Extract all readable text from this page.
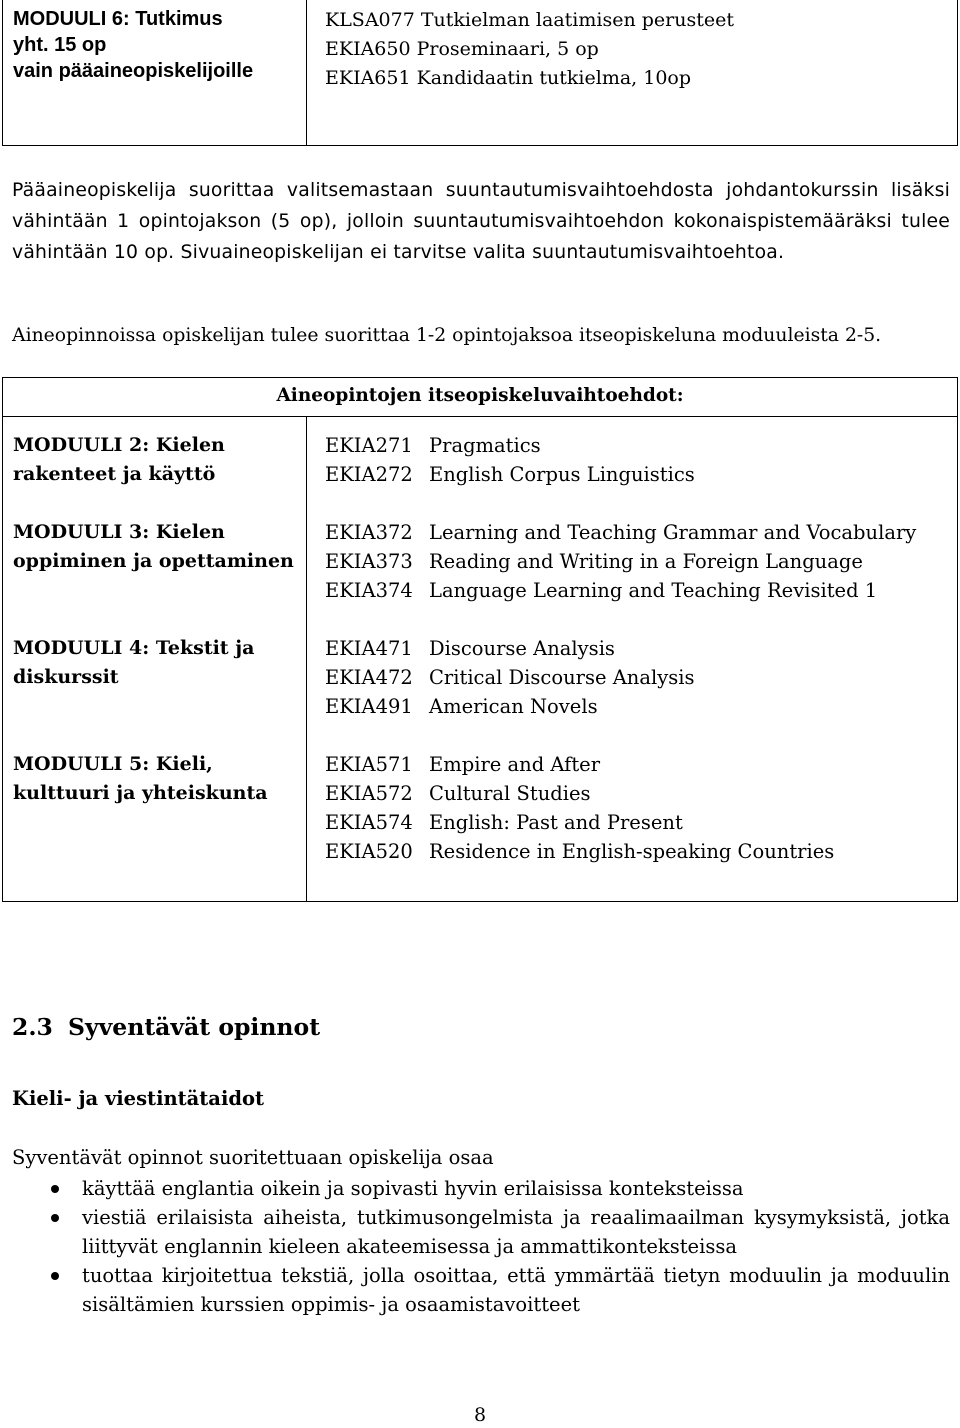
MODUULI 6: Tutkimus
yht. 15 op
vain pääaineopiskelijoille
KLSA077 Tutkielman laatimisen perusteet
EKIA650 Proseminaari, 5 op
EKIA651 Kandidaatin tutkielma, 10op
Pääaineopiskelija suorittaa valitsemastaan suuntautumisvaihtoehdosta johdantokurssin lisäksi vähintään 1 opintojakson (5 op), jolloin suuntautumisvaihtoehdon kokonaispistemääräksi tulee vähintään 10 op. Sivuaineopiskelijan ei tarvitse valita suuntautumisvaihtoehtoa.
Aineopinnoissa opiskelijan tulee suorittaa 1-2 opintojaksoa itseopiskeluna moduuleista 2-5.
Aineopintojen itseopiskeluvaihtoehdot:
MODUULI 2: Kielen
rakenteet ja käyttö
MODUULI 3: Kielen
oppiminen ja opettaminen
MODUULI 4: Tekstit ja
diskurssit
MODUULI 5: Kieli,
kulttuuri ja yhteiskunta
EKIA271 Pragmatics
EKIA272 English Corpus Linguistics
EKIA372 Learning and Teaching Grammar and Vocabulary
EKIA373 Reading and Writing in a Foreign Language
EKIA374 Language Learning and Teaching Revisited 1
EKIA471 Discourse Analysis
EKIA472 Critical Discourse Analysis
EKIA491 American Novels
EKIA571 Empire and After
EKIA572 Cultural Studies
EKIA574 English: Past and Present
EKIA520 Residence in English-speaking Countries
2.3 Syventävät opinnot
Kieli- ja viestintätaidot
Syventävät opinnot suoritettuaan opiskelija osaa
käyttää englantia oikein ja sopivasti hyvin erilaisissa konteksteissa
viestiä erilaisista aiheista, tutkimusongelmista ja reaalimaailman kysymyksistä, jotka liittyvät englannin kieleen akateemisessa ja ammattikonteksteissa
tuottaa kirjoitettua tekstiä, jolla osoittaa, että ymmärtää tietyn moduulin ja moduulin sisältämien kurssien oppimis- ja osaamistavoitteet
8
